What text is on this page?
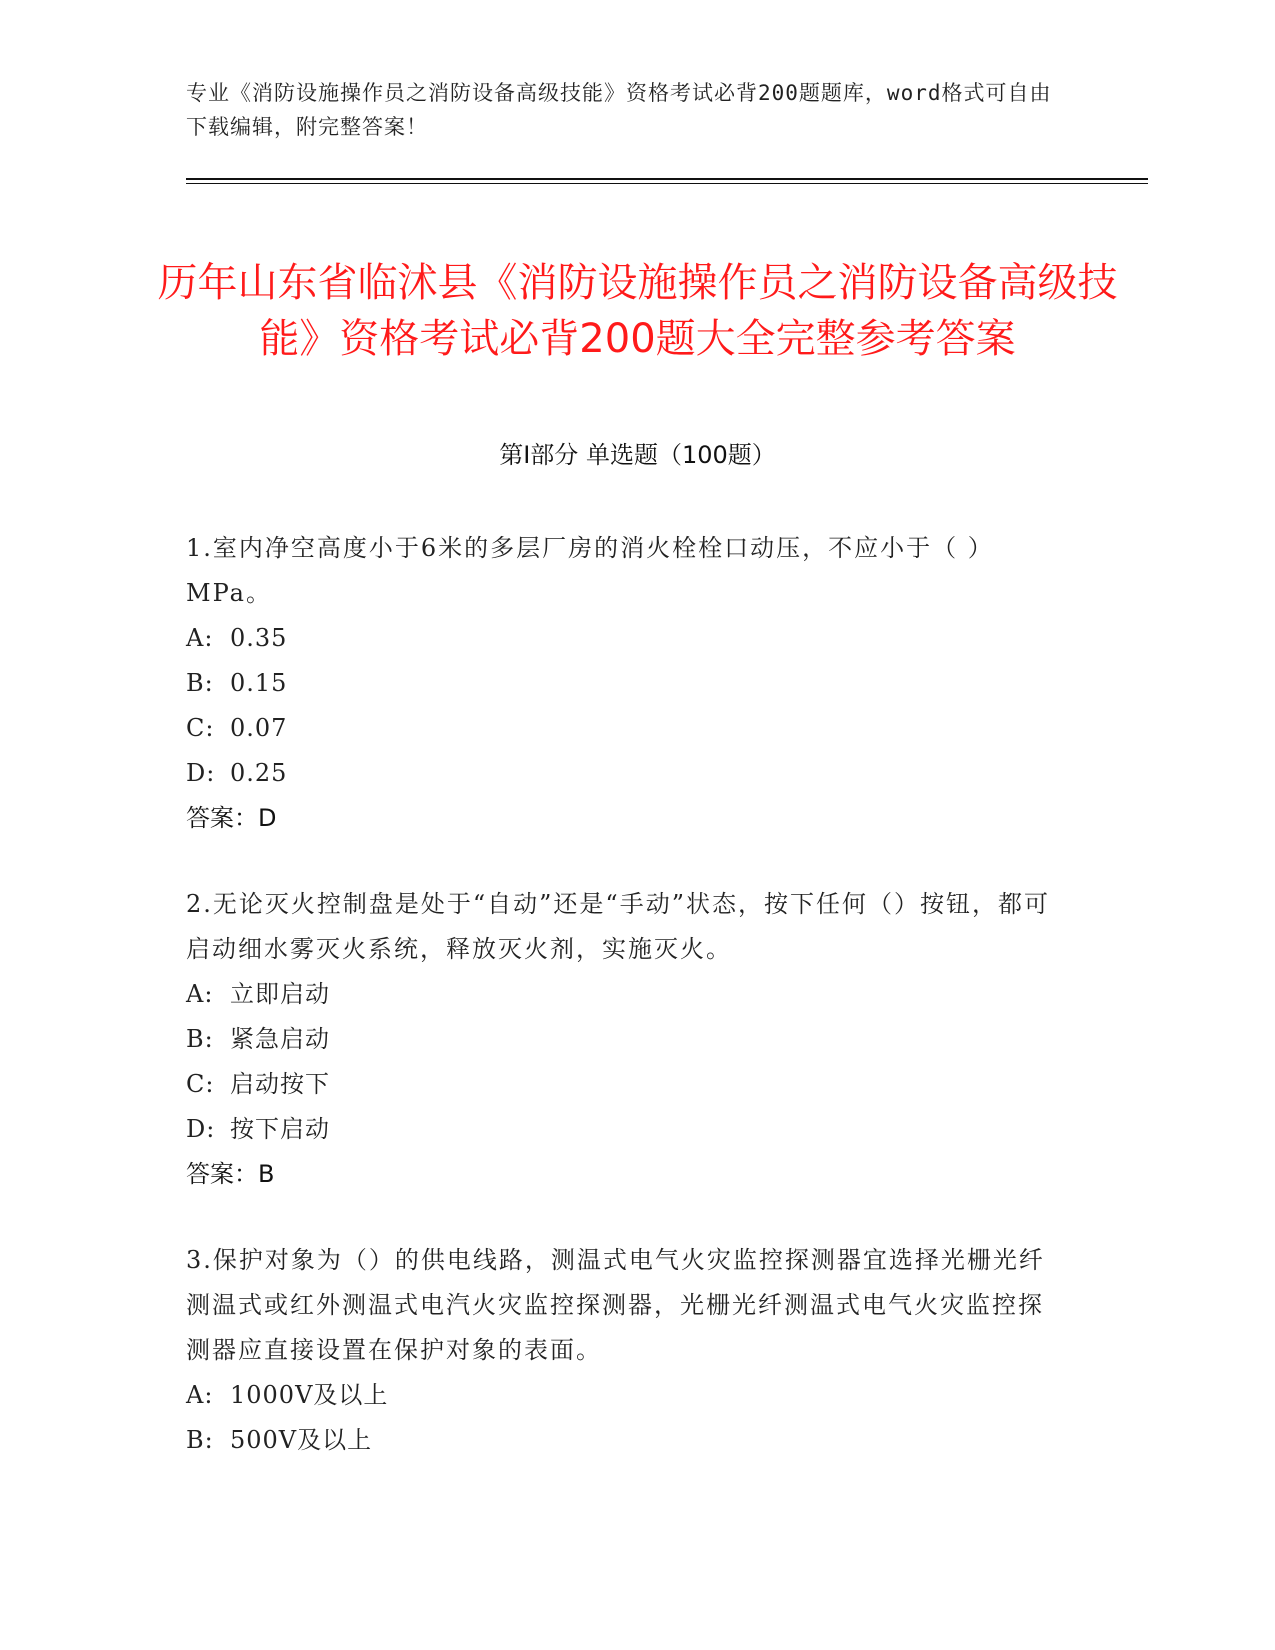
专业《消防设施操作员之消防设备高级技能》资格考试必背200题题库，word格式可自由下载编辑，附完整答案！
历年山东省临沭县《消防设施操作员之消防设备高级技能》资格考试必背200题大全完整参考答案
第Ⅰ部分 单选题（100题）
1.室内净空高度小于6米的多层厂房的消火栓栓口动压，不应小于（ ）MPa。
A: 0.35
B: 0.15
C: 0.07
D: 0.25
答案：D
2.无论灭火控制盘是处于“自动”还是“手动”状态，按下任何（）按钮，都可启动细水雾灭火系统，释放灭火剂，实施灭火。
A: 立即启动
B: 紧急启动
C: 启动按下
D: 按下启动
答案：B
3.保护对象为（）的供电线路，测温式电气火灾监控探测器宜选择光栅光纤测温式或红外测温式电汽火灾监控探测器，光栅光纤测温式电气火灾监控探测器应直接设置在保护对象的表面。
A: 1000V及以上
B: 500V及以上
